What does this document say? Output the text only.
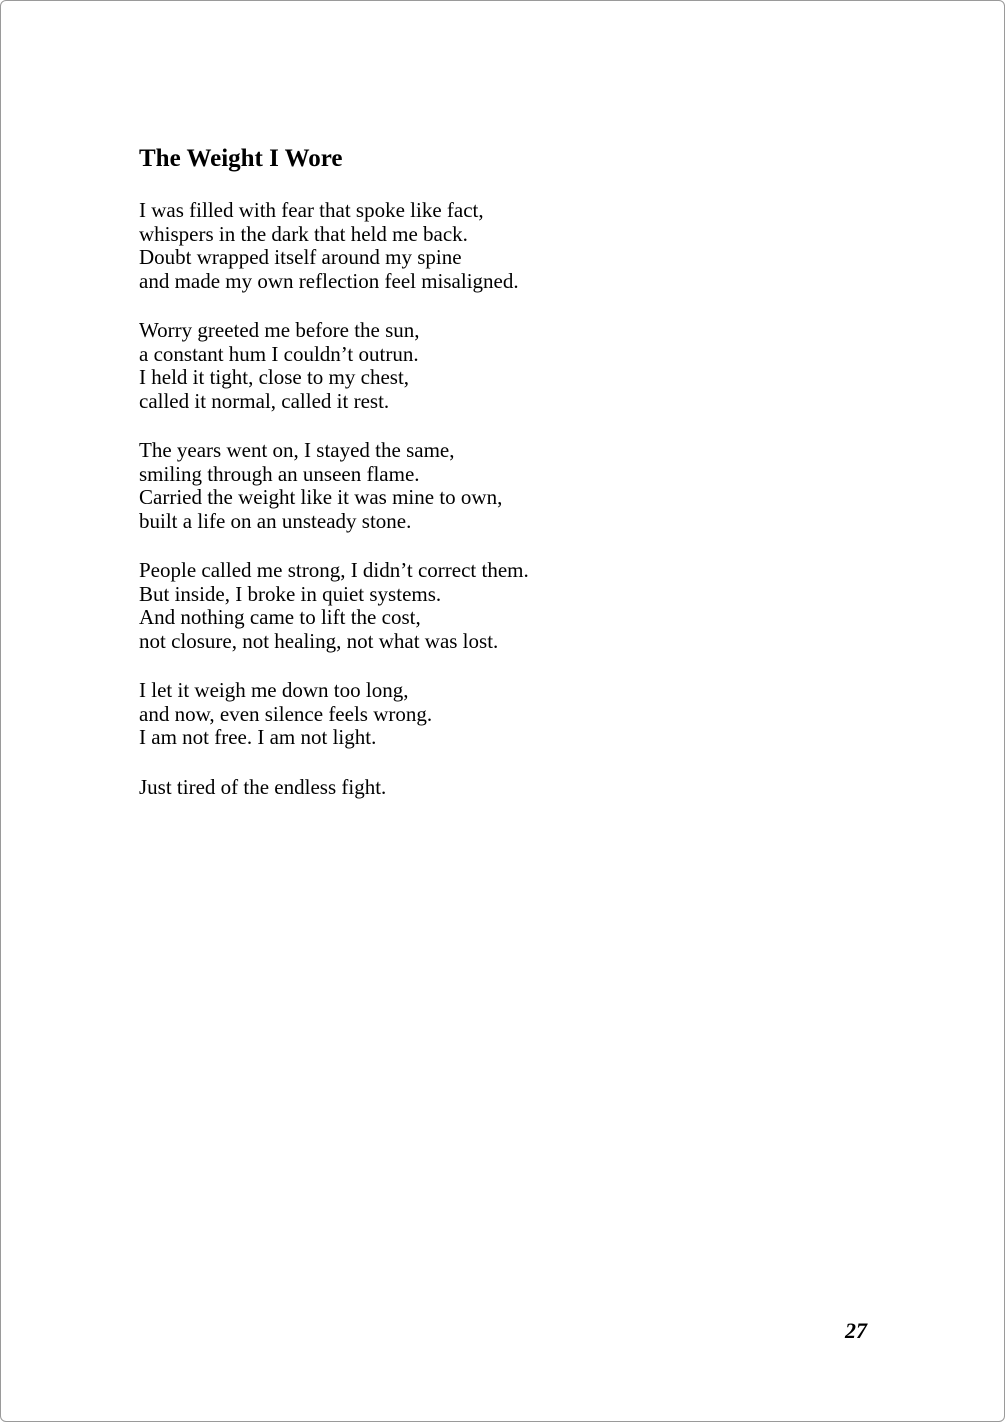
The Weight I Wore

I was filled with fear that spoke like fact,
whispers in the dark that held me back.
Doubt wrapped itself around my spine
and made my own reflection feel misaligned.

Worry greeted me before the sun,
a constant hum I couldn’t outrun.
I held it tight, close to my chest,
called it normal, called it rest.

The years went on, I stayed the same,
smiling through an unseen flame.
Carried the weight like it was mine to own,
built a life on an unsteady stone.

People called me strong, I didn’t correct them.
But inside, I broke in quiet systems.
And nothing came to lift the cost,
not closure, not healing, not what was lost.

I let it weigh me down too long,
and now, even silence feels wrong.
I am not free. I am not light.

Just tired of the endless fight.

27
